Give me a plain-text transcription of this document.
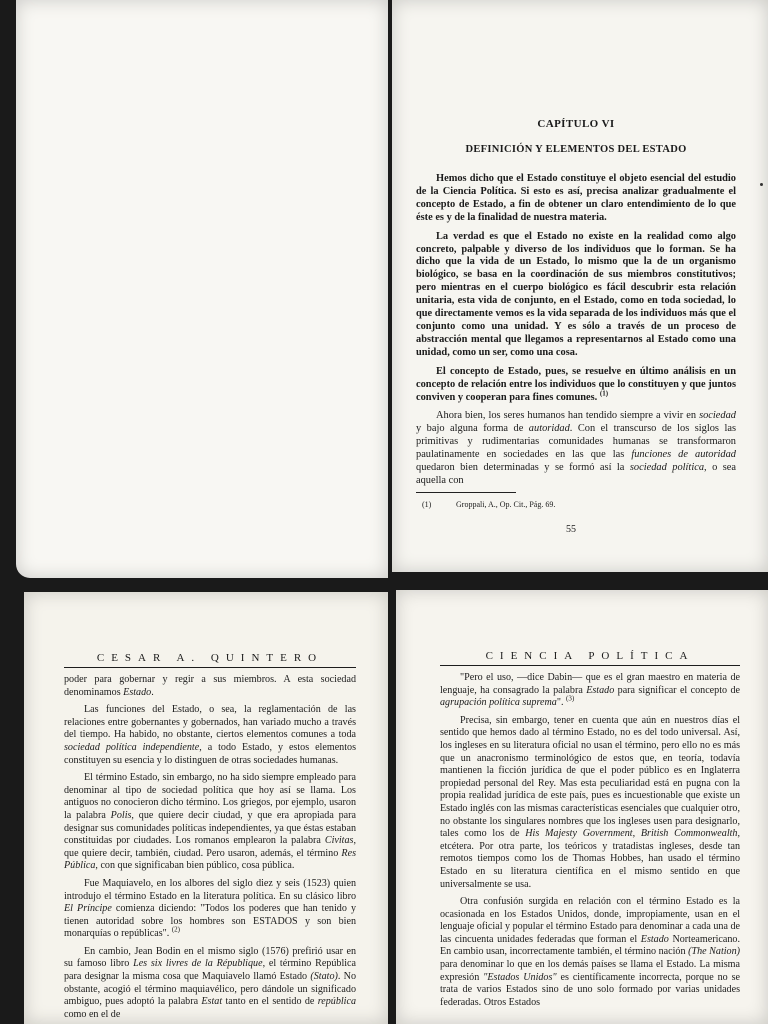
CAPÍTULO VI
DEFINICIÓN Y ELEMENTOS DEL ESTADO

Hemos dicho que el Estado constituye el objeto esencial del estudio de la Ciencia Política. Si esto es así, precisa analizar gradualmente el concepto de Estado, a fin de obtener un claro entendimiento de lo que éste es y de la finalidad de nuestra materia.

La verdad es que el Estado no existe en la realidad como algo concreto, palpable y diverso de los individuos que lo forman. Se ha dicho que la vida de un Estado, lo mismo que la de un organismo biológico, se basa en la coordinación de sus miembros constitutivos; pero mientras en el cuerpo biológico es fácil descubrir esta relación unitaria, esta vida de conjunto, en el Estado, como en toda sociedad, lo que directamente vemos es la vida separada de los individuos más que el conjunto como una unidad. Y es sólo a través de un proceso de abstracción mental que llegamos a representarnos al Estado como una unidad, como un ser, como una cosa.

El concepto de Estado, pues, se resuelve en último análisis en un concepto de relación entre los individuos que lo constituyen y que juntos conviven y cooperan para fines comunes. $^{(1)}$

Ahora bien, los seres humanos han tendido siempre a vivir en sociedad y bajo alguna forma de autoridad. Con el transcurso de los siglos las primitivas y rudimentarias comunidades humanas se transformaron paulatinamente en sociedades en las que las funciones de autoridad quedaron bien determinadas y se formó así la sociedad política, o sea aquella con

(1)	Groppali, A., Op. Cit., Pág. 69.
55
CESAR A. QUINTERO

poder para gobernar y regir a sus miembros. A esta sociedad denominamos Estado.

Las funciones del Estado, o sea, la reglamentación de las relaciones entre gobernantes y gobernados, han variado mucho a través del tiempo. Ha habido, no obstante, ciertos elementos comunes a toda sociedad política independiente, a todo Estado, y estos elementos constituyen su esencia y lo distinguen de otras sociedades humanas.

El término Estado, sin embargo, no ha sido siempre empleado para denominar al tipo de sociedad política que hoy así se llama. Los antiguos no conocieron dicho término. Los griegos, por ejemplo, usaron la palabra Polis, que quiere decir ciudad, y que era apropiada para designar sus comunidades políticas independientes, ya que éstas estaban constituidas por ciudades. Los romanos emplearon la palabra Civitas, que quiere decir, también, ciudad. Pero usaron, además, el término Res Pública, con que significaban bien público, cosa pública.

Fue Maquiavelo, en los albores del siglo diez y seis (1523) quien introdujo el término Estado en la literatura política. En su clásico libro El Príncipe comienza diciendo: "Todos los poderes que han tenido y tienen autoridad sobre los hombres son ESTADOS y son bien monarquías o repúblicas". $^{(2)}$

En cambio, Jean Bodin en el mismo siglo (1576) prefirió usar en su famoso libro Les six livres de la République, el término República para designar la misma cosa que Maquiavelo llamó Estado (Stato). No obstante, acogió el término maquiavélico, pero dándole un significado ambiguo, pues adoptó la palabra Estat tanto en el sentido de república como en el de

CIENCIA POLÍTICA

"Pero el uso, —dice Dabin— que es el gran maestro en materia de lenguaje, ha consagrado la palabra Estado para significar el concepto de agrupación política suprema". $^{(3)}$

Precisa, sin embargo, tener en cuenta que aún en nuestros días el sentido que hemos dado al término Estado, no es del todo universal. Así, los ingleses en su literatura oficial no usan el término, pero ello no es más que un anacronismo terminológico de estos que, en teoría, todavía mantienen la ficción jurídica de que el poder público es en Inglaterra propiedad personal del Rey. Mas esta peculiaridad está en pugna con la propia realidad jurídica de este país, pues es incuestionable que existe un Estado inglés con las mismas características esenciales que cualquier otro, no obstante los singulares nombres que los ingleses usen para designarlo, tales como los de His Majesty Government, British Commonwealth, etcétera. Por otra parte, los teóricos y tratadistas ingleses, desde tan remotos tiempos como los de Thomas Hobbes, han usado el término Estado en su literatura científica en el mismo sentido en que universalmente se usa.

Otra confusión surgida en relación con el término Estado es la ocasionada en los Estados Unidos, donde, impropiamente, usan en el lenguaje oficial y popular el término Estado para denominar a cada una de las cincuenta unidades federadas que forman el Estado Norteamericano. En cambio usan, incorrectamente también, el término nación (The Nation) para denominar lo que en los demás países se llama el Estado. La misma expresión "Estados Unidos" es científicamente incorrecta, porque no se trata de varios Estados sino de uno solo formado por varias unidades federadas. Otros Estados
